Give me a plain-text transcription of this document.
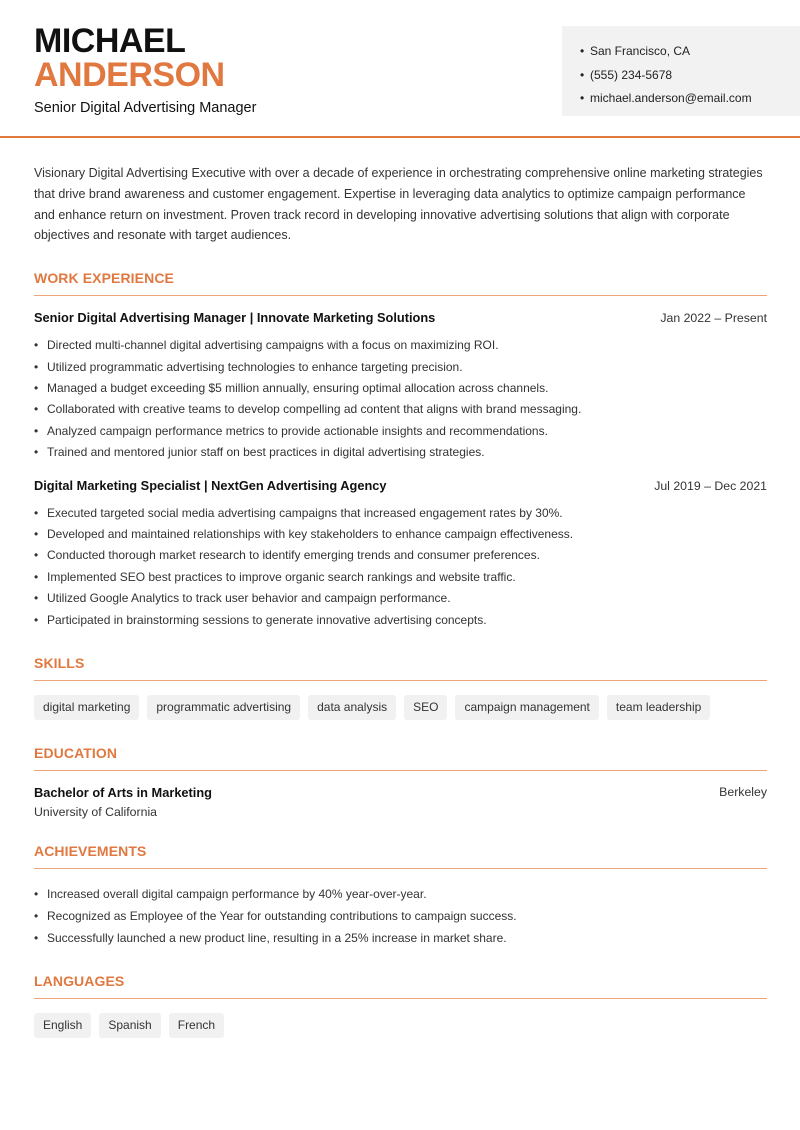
MICHAEL
ANDERSON
Senior Digital Advertising Manager
• San Francisco, CA
• (555) 234-5678
• michael.anderson@email.com

Visionary Digital Advertising Executive with over a decade of experience in orchestrating comprehensive online marketing strategies that drive brand awareness and customer engagement. Expertise in leveraging data analytics to optimize campaign performance and enhance return on investment. Proven track record in developing innovative advertising solutions that align with corporate objectives and resonate with target audiences.

WORK EXPERIENCE
Senior Digital Advertising Manager | Innovate Marketing Solutions	Jan 2022 – Present
• Directed multi-channel digital advertising campaigns with a focus on maximizing ROI.
• Utilized programmatic advertising technologies to enhance targeting precision.
• Managed a budget exceeding $5 million annually, ensuring optimal allocation across channels.
• Collaborated with creative teams to develop compelling ad content that aligns with brand messaging.
• Analyzed campaign performance metrics to provide actionable insights and recommendations.
• Trained and mentored junior staff on best practices in digital advertising strategies.
Digital Marketing Specialist | NextGen Advertising Agency	Jul 2019 – Dec 2021
• Executed targeted social media advertising campaigns that increased engagement rates by 30%.
• Developed and maintained relationships with key stakeholders to enhance campaign effectiveness.
• Conducted thorough market research to identify emerging trends and consumer preferences.
• Implemented SEO best practices to improve organic search rankings and website traffic.
• Utilized Google Analytics to track user behavior and campaign performance.
• Participated in brainstorming sessions to generate innovative advertising concepts.
SKILLS
digital marketing	programmatic advertising	data analysis	SEO	campaign management	team leadership
EDUCATION
Bachelor of Arts in Marketing	Berkeley
University of California
ACHIEVEMENTS
• Increased overall digital campaign performance by 40% year-over-year.
• Recognized as Employee of the Year for outstanding contributions to campaign success.
• Successfully launched a new product line, resulting in a 25% increase in market share.
LANGUAGES
English	Spanish	French
